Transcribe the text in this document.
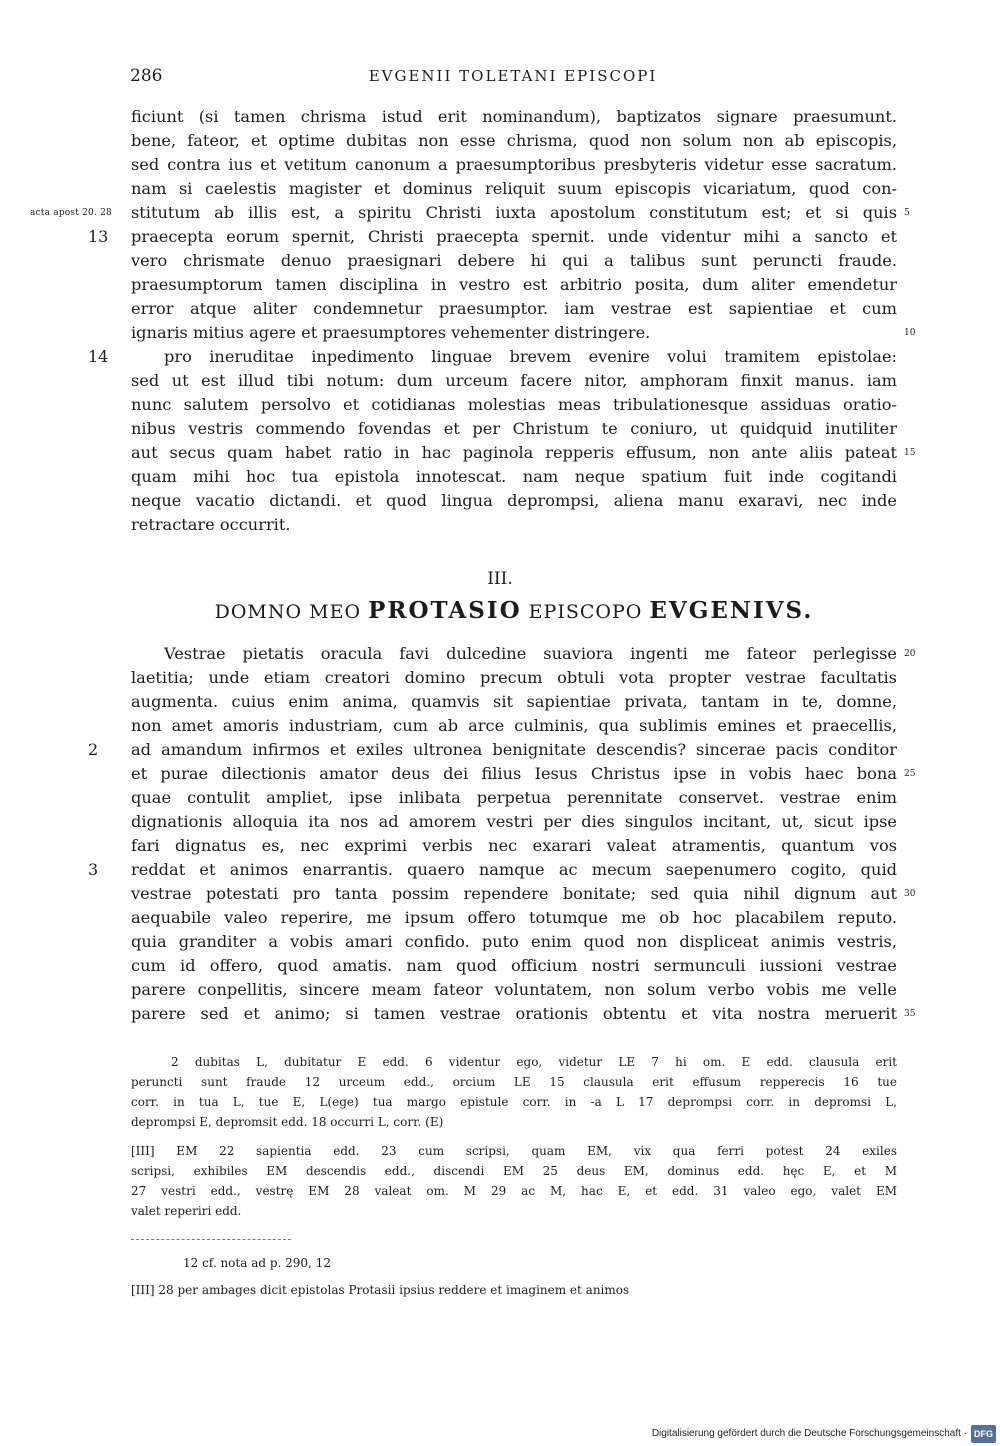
286	EVGENII TOLETANI EPISCOPI
ficiunt (si tamen chrisma istud erit nominandum), baptizatos signare praesumunt.
bene, fateor, et optime dubitas non esse chrisma, quod non solum non ab episcopis,
sed contra ius et vetitum canonum a praesumptoribus presbyteris videtur esse sacratum.
nam si caelestis magister et dominus reliquit suum episcopis vicariatum, quod con-
stitutum ab illis est, a spiritu Christi iuxta apostolum constitutum est; et si quis 5
acta apost 20. 28
praecepta eorum spernit, Christi praecepta spernit. unde videntur mihi a sancto et
13
vero chrismate denuo praesignari debere hi qui a talibus sunt peruncti fraude.
praesumptorum tamen disciplina in vestro est arbitrio posita, dum aliter emendetur
error atque aliter condemnetur praesumptor. iam vestrae est sapientiae et cum
ignaris mitius agere et praesumptores vehementer distringere.	10
pro ineruditae inpedimento linguae brevem evenire volui tramitem epistolae:
14
sed ut est illud tibi notum: dum urceum facere nitor, amphoram finxit manus. iam
nunc salutem persolvo et cotidianas molestias meas tribulationesque assiduas oratio-
nibus vestris commendo fovendas et per Christum te coniuro, ut quidquid inutiliter
aut secus quam habet ratio in hac paginola repperis effusum, non ante aliis pateat 15
quam mihi hoc tua epistola innotescat. nam neque spatium fuit inde cogitandi
neque vacatio dictandi. et quod lingua deprompsi, aliena manu exaravi, nec inde
retractare occurrit.
III.
DOMNO MEO PROTASIO EPISCOPO EVGENIVS.
Vestrae pietatis oracula favi dulcedine suaviora ingenti me fateor perlegisse 20
laetitia; unde etiam creatori domino precum obtuli vota propter vestrae facultatis
augmenta. cuius enim anima, quamvis sit sapientiae privata, tantam in te, domne,
non amet amoris industriam, cum ab arce culminis, qua sublimis emines et praecellis,
ad amandum infirmos et exiles ultronea benignitate descendis? sincerae pacis conditor
2
et purae dilectionis amator deus dei filius Iesus Christus ipse in vobis haec bona 25
quae contulit ampliet, ipse inlibata perpetua perennitate conservet. vestrae enim
dignationis alloquia ita nos ad amorem vestri per dies singulos incitant, ut, sicut ipse
fari dignatus es, nec exprimi verbis nec exarari valeat atramentis, quantum vos
reddat et animos enarrantis. quaero namque ac mecum saepenumero cogito, quid
3
vestrae potestati pro tanta possim rependere bonitate; sed quia nihil dignum aut 30
aequabile valeo reperire, me ipsum offero totumque me ob hoc placabilem reputo.
quia granditer a vobis amari confido. puto enim quod non displiceat animis vestris,
cum id offero, quod amatis. nam quod officium nostri sermunculi iussioni vestrae
parere conpellitis, sincere meam fateor voluntatem, non solum verbo vobis me velle
parere sed et animo; si tamen vestrae orationis obtentu et vita nostra meruerit 35
2 dubitas L, dubitatur E edd. 6 videntur ego, videtur LE 7 hi om. E edd. clausula erit
peruncti sunt fraude 12 urceum edd., orcium LE 15 clausula erit effusum repperecis 16 tue
corr. in tua L, tue E, L(ege) tua margo epistule corr. in -a L 17 deprompsi corr. in depromsi L,
deprompsi E, depromsit edd. 18 occurri L, corr. (E)
[III] EM 22 sapientia edd. 23 cum scripsi, quam EM, vix qua ferri potest 24 exiles
scripsi, exhibiles EM descendis edd., discendi EM 25 deus EM, dominus edd. hęc E, et M
27 vestri edd., vestrę EM 28 valeat om. M 29 ac M, hac E, et edd. 31 valeo ego, valet EM
valet reperiri edd.
12 cf. nota ad p. 290, 12
[III] 28 per ambages dicit epistolas Protasii ipsius reddere et imaginem et animos
Digitalisierung gefördert durch die Deutsche Forschungsgemeinschaft · DFG
